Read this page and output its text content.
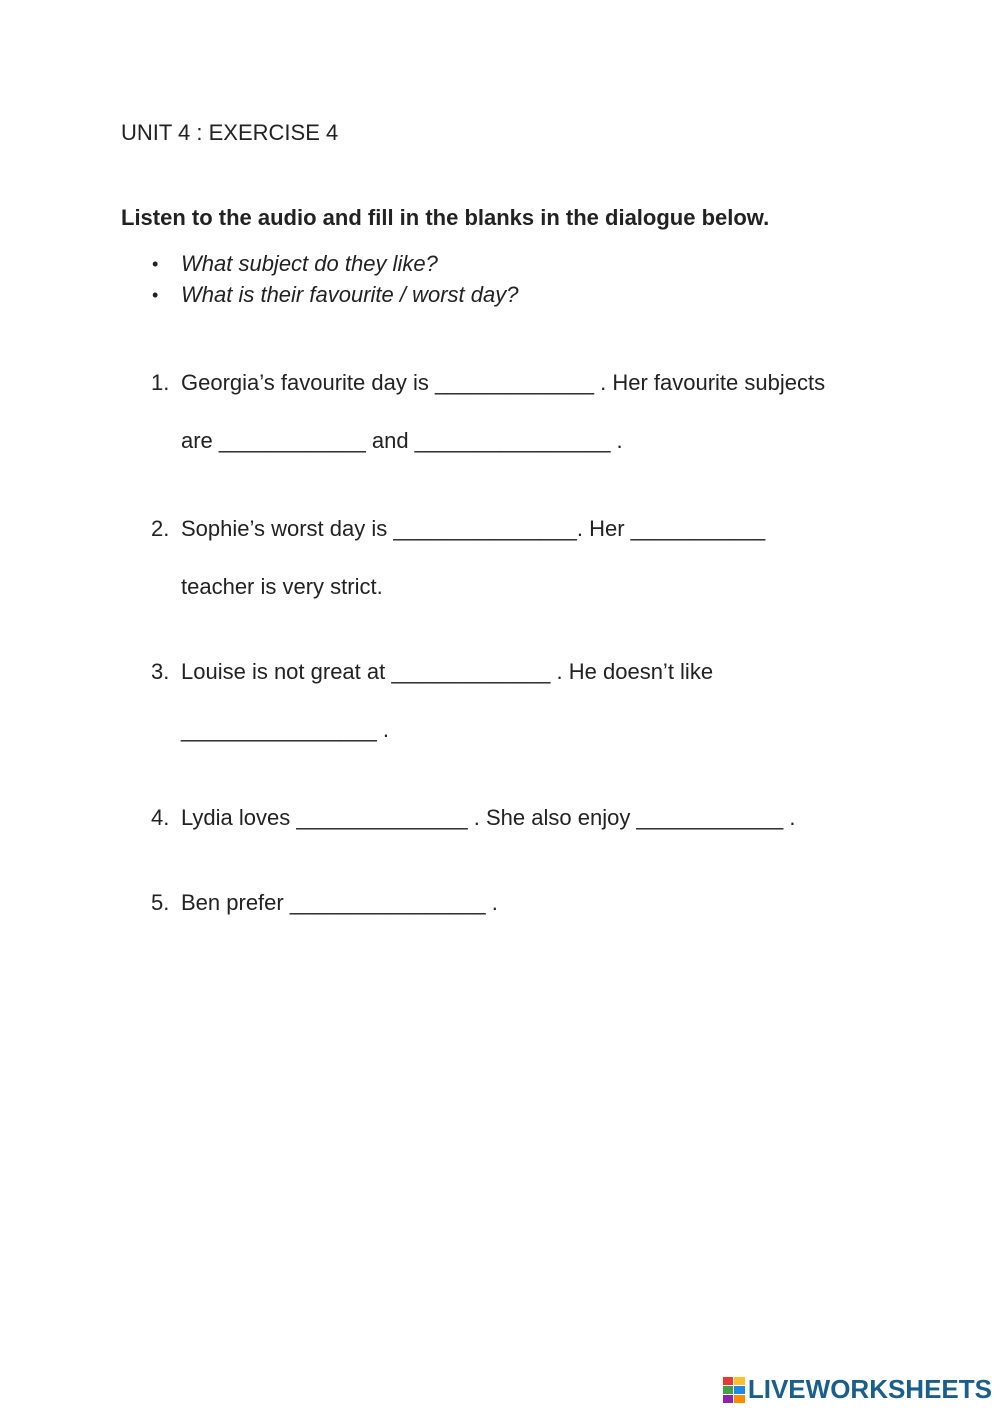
UNIT 4 : EXERCISE 4
Listen to the audio and fill in the blanks in the dialogue below.
• What subject do they like?
• What is their favourite / worst day?
1. Georgia’s favourite day is _____________ . Her favourite subjects
are ____________ and ________________ .
2. Sophie’s worst day is _______________. Her ___________
teacher is very strict.
3. Louise is not great at _____________ . He doesn’t like
________________ .
4. Lydia loves ______________ . She also enjoy ____________ .
5. Ben prefer ________________ .
LIVEWORKSHEETS
